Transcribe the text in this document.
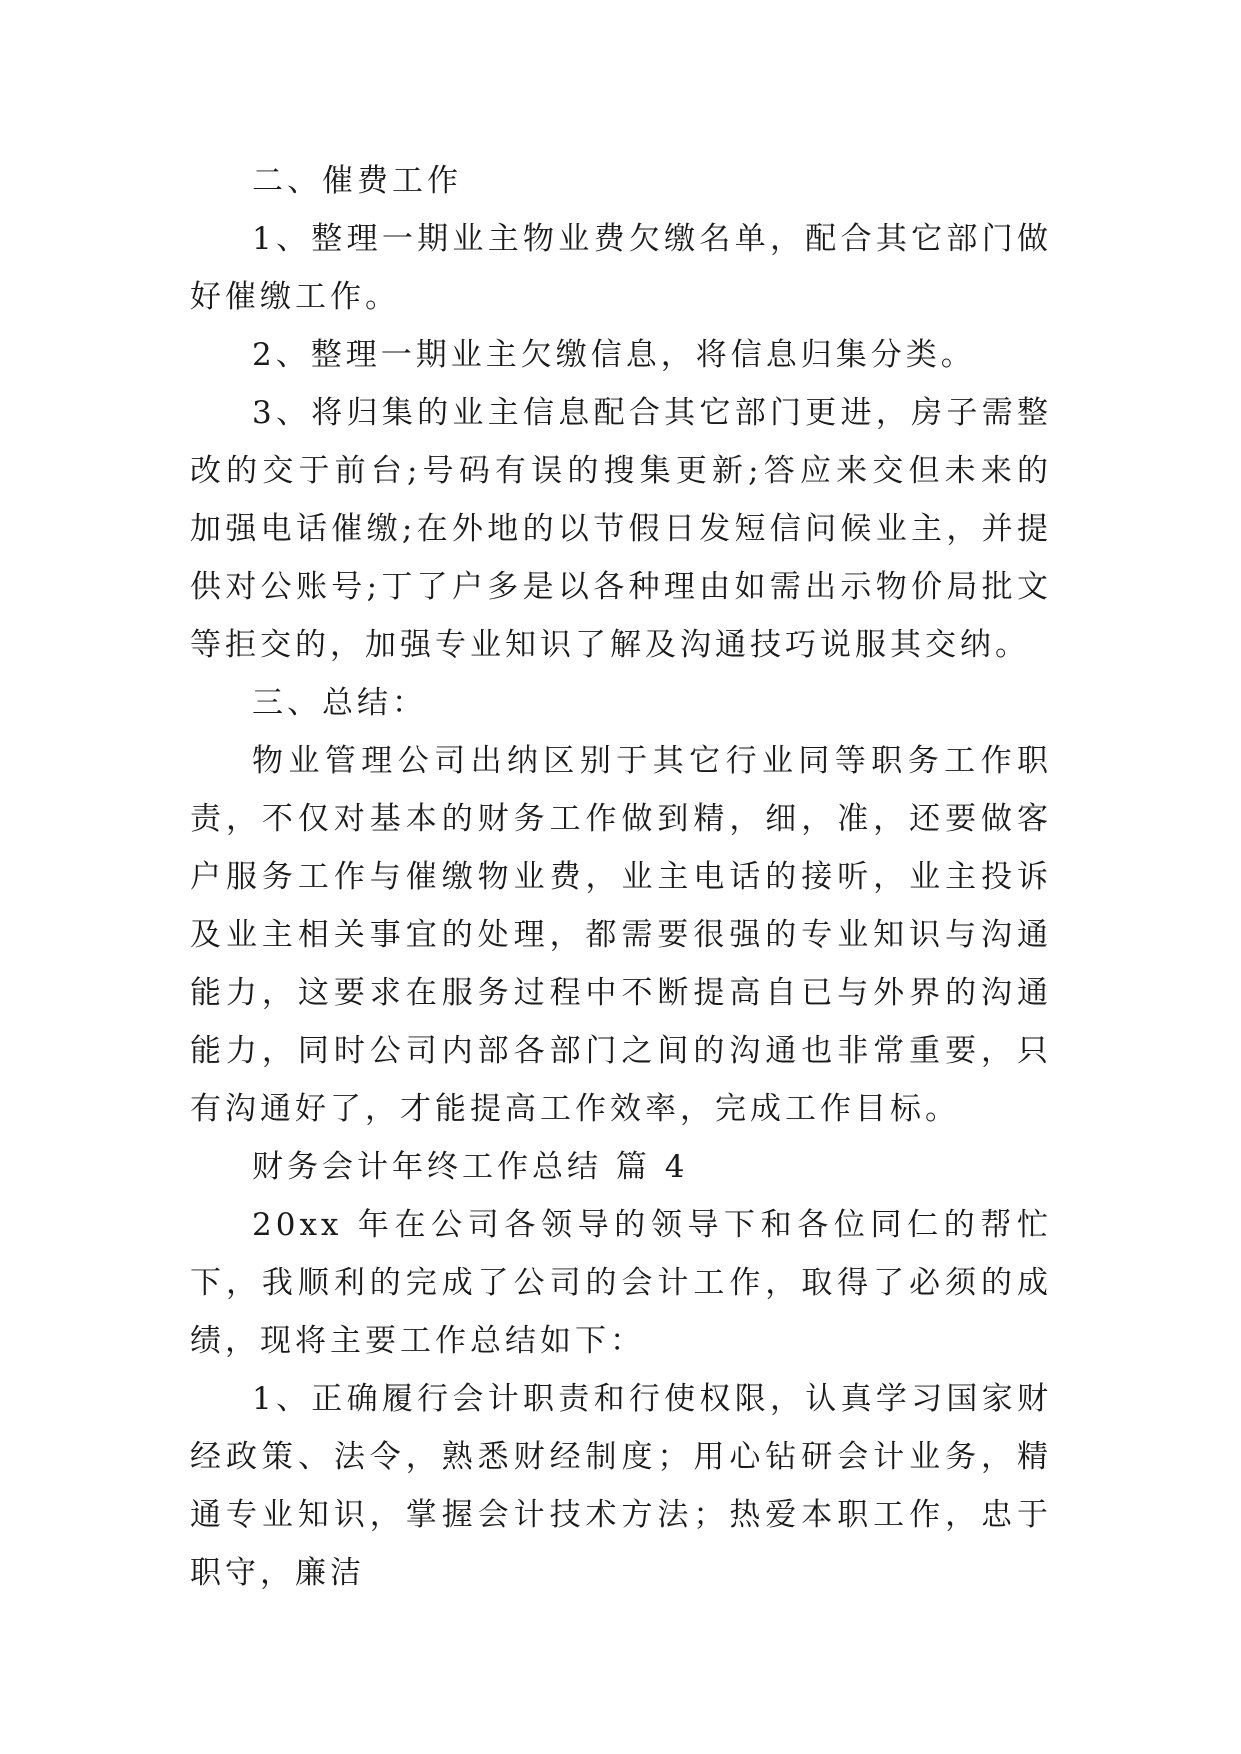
二、催费工作

1、整理一期业主物业费欠缴名单，配合其它部门做好催缴工作。

2、整理一期业主欠缴信息，将信息归集分类。

3、将归集的业主信息配合其它部门更进，房子需整改的交于前台;号码有误的搜集更新;答应来交但未来的加强电话催缴;在外地的以节假日发短信问候业主，并提供对公账号;丁了户多是以各种理由如需出示物价局批文等拒交的，加强专业知识了解及沟通技巧说服其交纳。

三、总结：

物业管理公司出纳区别于其它行业同等职务工作职责，不仅对基本的财务工作做到精，细，准，还要做客户服务工作与催缴物业费，业主电话的接听，业主投诉及业主相关事宜的处理，都需要很强的专业知识与沟通能力，这要求在服务过程中不断提高自已与外界的沟通能力，同时公司内部各部门之间的沟通也非常重要，只有沟通好了，才能提高工作效率，完成工作目标。

财务会计年终工作总结 篇 4

20xx 年在公司各领导的领导下和各位同仁的帮忙下，我顺利的完成了公司的会计工作，取得了必须的成绩，现将主要工作总结如下：

1、正确履行会计职责和行使权限，认真学习国家财经政策、法令，熟悉财经制度；用心钻研会计业务，精通专业知识，掌握会计技术方法；热爱本职工作，忠于职守，廉洁
